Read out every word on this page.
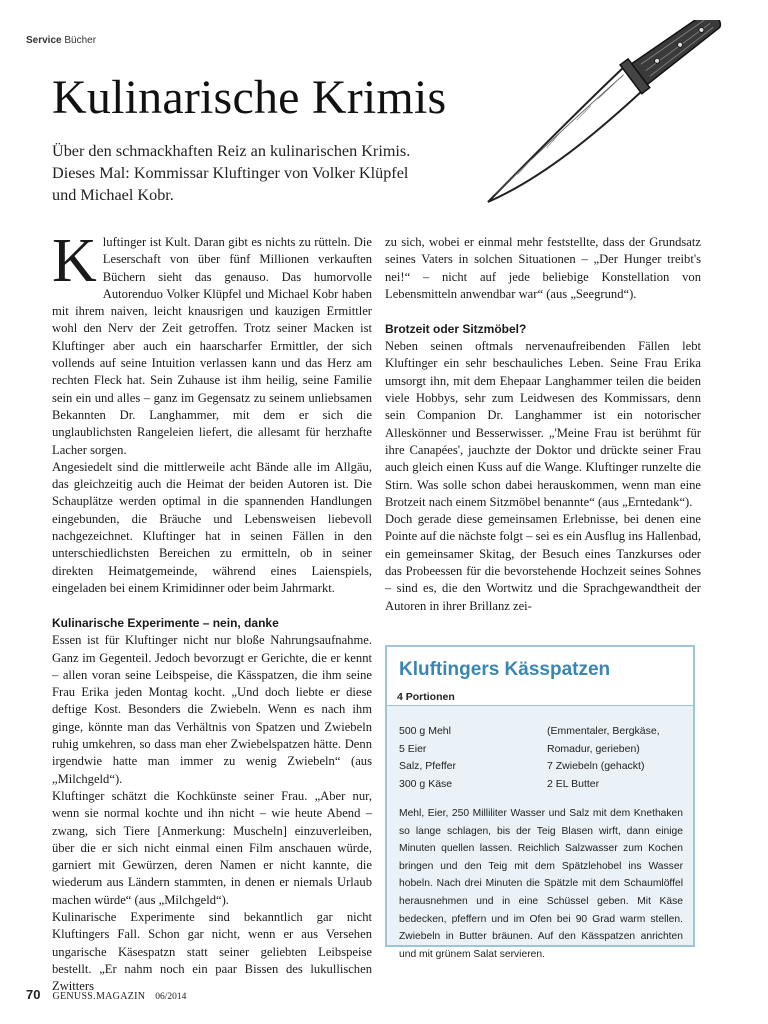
Service Bücher
Kulinarische Krimis
Über den schmackhaften Reiz an kulinarischen Krimis. Dieses Mal: Kommissar Kluftinger von Volker Klüpfel und Michael Kobr.

Kluftinger ist Kult. Daran gibt es nichts zu rütteln. Die Leserschaft von über fünf Millionen verkauften Büchern sieht das genauso. Das humorvolle Autorenduo Volker Klüpfel und Michael Kobr haben mit ihrem naiven, leicht knausrigen und kauzigen Ermittler wohl den Nerv der Zeit getroffen. Trotz seiner Macken ist Kluftinger aber auch ein haarscharfer Ermittler, der sich vollends auf seine Intuition verlassen kann und das Herz am rechten Fleck hat. Sein Zuhause ist ihm heilig, seine Familie sein ein und alles – ganz im Gegensatz zu seinem unliebsamen Bekannten Dr. Langhammer, mit dem er sich die unglaublichsten Rangeleien liefert, die allesamt für herzhafte Lacher sorgen.

Angesiedelt sind die mittlerweile acht Bände alle im Allgäu, das gleichzeitig auch die Heimat der beiden Autoren ist. Die Schauplätze werden optimal in die spannenden Handlungen eingebunden, die Bräuche und Lebensweisen liebevoll nachgezeichnet. Kluftinger hat in seinen Fällen in den unterschiedlichsten Bereichen zu ermitteln, ob in seiner direkten Heimatgemeinde, während eines Laienspiels, eingeladen bei einem Krimidinner oder beim Jahrmarkt.

Kulinarische Experimente – nein, danke

Essen ist für Kluftinger nicht nur bloße Nahrungsaufnahme. Ganz im Gegenteil. Jedoch bevorzugt er Gerichte, die er kennt – allen voran seine Leibspeise, die Kässpatzen, die ihm seine Frau Erika jeden Montag kocht. „Und doch liebte er diese deftige Kost. Besonders die Zwiebeln. Wenn es nach ihm ginge, könnte man das Verhältnis von Spatzen und Zwiebeln ruhig umkehren, so dass man eher Zwiebelspatzen hätte. Denn irgendwie hatte man immer zu wenig Zwiebeln“ (aus „Milchgeld“).

Kluftinger schätzt die Kochkünste seiner Frau. „Aber nur, wenn sie normal kochte und ihn nicht – wie heute Abend – zwang, sich Tiere [Anmerkung: Muscheln] einzuverleiben, über die er sich nicht einmal einen Film anschauen würde, garniert mit Gewürzen, deren Namen er nicht kannte, die wiederum aus Ländern stammten, in denen er niemals Urlaub machen würde“ (aus „Milchgeld“).

Kulinarische Experimente sind bekanntlich gar nicht Kluftingers Fall. Schon gar nicht, wenn er aus Versehen ungarische Käsespatzn statt seiner geliebten Leibspeise bestellt. „Er nahm noch ein paar Bissen des lukullischen Zwitters

zu sich, wobei er einmal mehr feststellte, dass der Grundsatz seines Vaters in solchen Situationen – „Der Hunger treibt's nei!“ – nicht auf jede beliebige Konstellation von Lebensmitteln anwendbar war“ (aus „Seegrund“).

Brotzeit oder Sitzmöbel?

Neben seinen oftmals nervenaufreibenden Fällen lebt Kluftinger ein sehr beschauliches Leben. Seine Frau Erika umsorgt ihn, mit dem Ehepaar Langhammer teilen die beiden viele Hobbys, sehr zum Leidwesen des Kommissars, denn sein Companion Dr. Langhammer ist ein notorischer Alleskönner und Besserwisser. „'Meine Frau ist berühmt für ihre Canapées', jauchzte der Doktor und drückte seiner Frau auch gleich einen Kuss auf die Wange. Kluftinger runzelte die Stirn. Was solle schon dabei herauskommen, wenn man eine Brotzeit nach einem Sitzmöbel benannte“ (aus „Erntedank“).

Doch gerade diese gemeinsamen Erlebnisse, bei denen eine Pointe auf die nächste folgt – sei es ein Ausflug ins Hallenbad, ein gemeinsamer Skitag, der Besuch eines Tanzkurses oder das Probeessen für die bevorstehende Hochzeit seines Sohnes – sind es, die den Wortwitz und die Sprachgewandtheit der Autoren in ihrer Brillanz zei-

Kluftingers Kässpatzen
4 Portionen
500 g Mehl
5 Eier
Salz, Pfeffer
300 g Käse
(Emmentaler, Bergkäse,
Romadur, gerieben)
7 Zwiebeln (gehackt)
2 EL Butter
Mehl, Eier, 250 Milliliter Wasser und Salz mit dem Knethaken so lange schlagen, bis der Teig Blasen wirft, dann einige Minuten quellen lassen. Reichlich Salzwasser zum Kochen bringen und den Teig mit dem Spätzlehobel ins Wasser hobeln. Nach drei Minuten die Spätzle mit dem Schaumlöffel herausnehmen und in eine Schüssel geben. Mit Käse bedecken, pfeffern und im Ofen bei 90 Grad warm stellen. Zwiebeln in Butter bräunen. Auf den Kässpatzen anrichten und mit grünem Salat servieren.
70 GENUSS.MAGAZIN 06/2014
